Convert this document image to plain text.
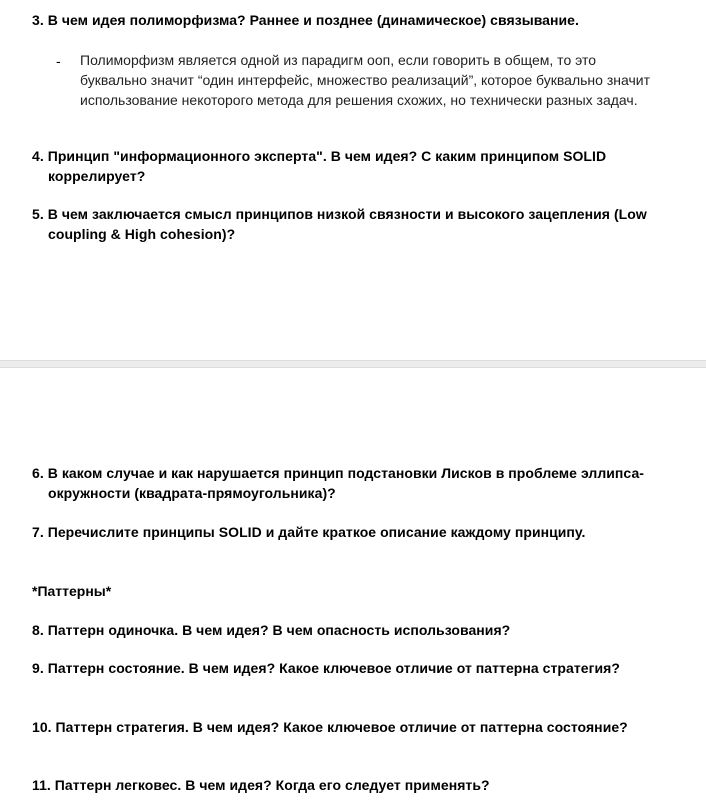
3. В чем идея полиморфизма? Раннее и позднее (динамическое) связывание.
- Полиморфизм является одной из парадигм ооп, если говорить в общем, то это буквально значит “один интерфейс, множество реализаций”, которое буквально значит использование некоторого метода для решения схожих, но технически разных задач.
4. Принцип "информационного эксперта". В чем идея? С каким принципом SOLID коррелирует?
5. В чем заключается смысл принципов низкой связности и высокого зацепления (Low coupling & High cohesion)?
6. В каком случае и как нарушается принцип подстановки Лисков в проблеме эллипса-окружности (квадрата-прямоугольника)?
7. Перечислите принципы SOLID и дайте краткое описание каждому принципу.
*Паттерны*
8. Паттерн одиночка. В чем идея? В чем опасность использования?
9. Паттерн состояние. В чем идея? Какое ключевое отличие от паттерна стратегия?
10. Паттерн стратегия. В чем идея? Какое ключевое отличие от паттерна состояние?
11. Паттерн легковес. В чем идея? Когда его следует применять?
